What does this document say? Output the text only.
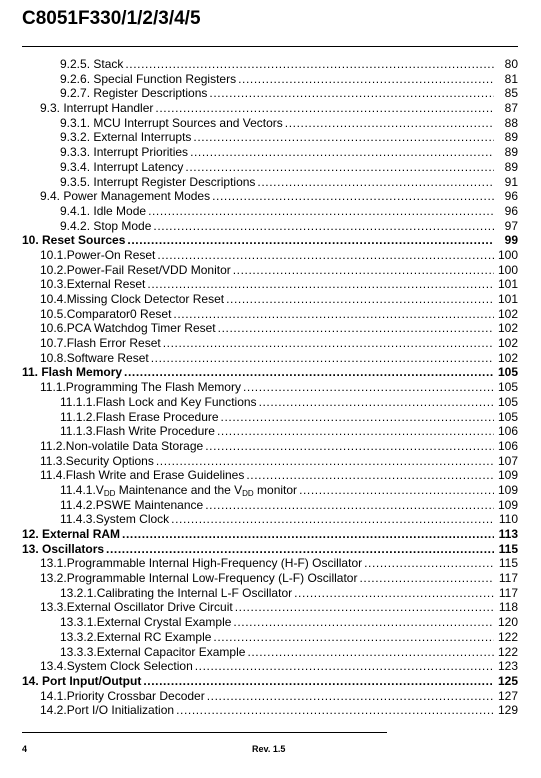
C8051F330/1/2/3/4/5
9.2.5. Stack .....	80
9.2.6. Special Function Registers .....	81
9.2.7. Register Descriptions .....	85
9.3. Interrupt Handler .....	87
9.3.1. MCU Interrupt Sources and Vectors .....	88
9.3.2. External Interrupts .....	89
9.3.3. Interrupt Priorities .....	89
9.3.4. Interrupt Latency .....	89
9.3.5. Interrupt Register Descriptions .....	91
9.4. Power Management Modes .....	96
9.4.1. Idle Mode .....	96
9.4.2. Stop Mode .....	97
10. Reset Sources .....	99
10.1.Power-On Reset .....	100
10.2.Power-Fail Reset/VDD Monitor .....	100
10.3.External Reset .....	101
10.4.Missing Clock Detector Reset .....	101
10.5.Comparator0 Reset .....	102
10.6.PCA Watchdog Timer Reset .....	102
10.7.Flash Error Reset .....	102
10.8.Software Reset .....	102
11. Flash Memory .....	105
11.1.Programming The Flash Memory .....	105
11.1.1.Flash Lock and Key Functions .....	105
11.1.2.Flash Erase Procedure .....	105
11.1.3.Flash Write Procedure .....	106
11.2.Non-volatile Data Storage .....	106
11.3.Security Options .....	107
11.4.Flash Write and Erase Guidelines .....	109
$11.4.1.V_{DD}$ Maintenance and the $V_{DD}$ monitor .....	109
11.4.2.PSWE Maintenance .....	109
11.4.3.System Clock .....	110
12. External RAM .....	113
13. Oscillators .....	115
13.1.Programmable Internal High-Frequency (H-F) Oscillator .....	115
13.2.Programmable Internal Low-Frequency (L-F) Oscillator .....	117
13.2.1.Calibrating the Internal L-F Oscillator .....	117
13.3.External Oscillator Drive Circuit .....	118
13.3.1.External Crystal Example .....	120
13.3.2.External RC Example .....	122
13.3.3.External Capacitor Example .....	122
13.4.System Clock Selection .....	123
14. Port Input/Output .....	125
14.1.Priority Crossbar Decoder .....	127
14.2.Port I/O Initialization .....	129
4	Rev. 1.5
